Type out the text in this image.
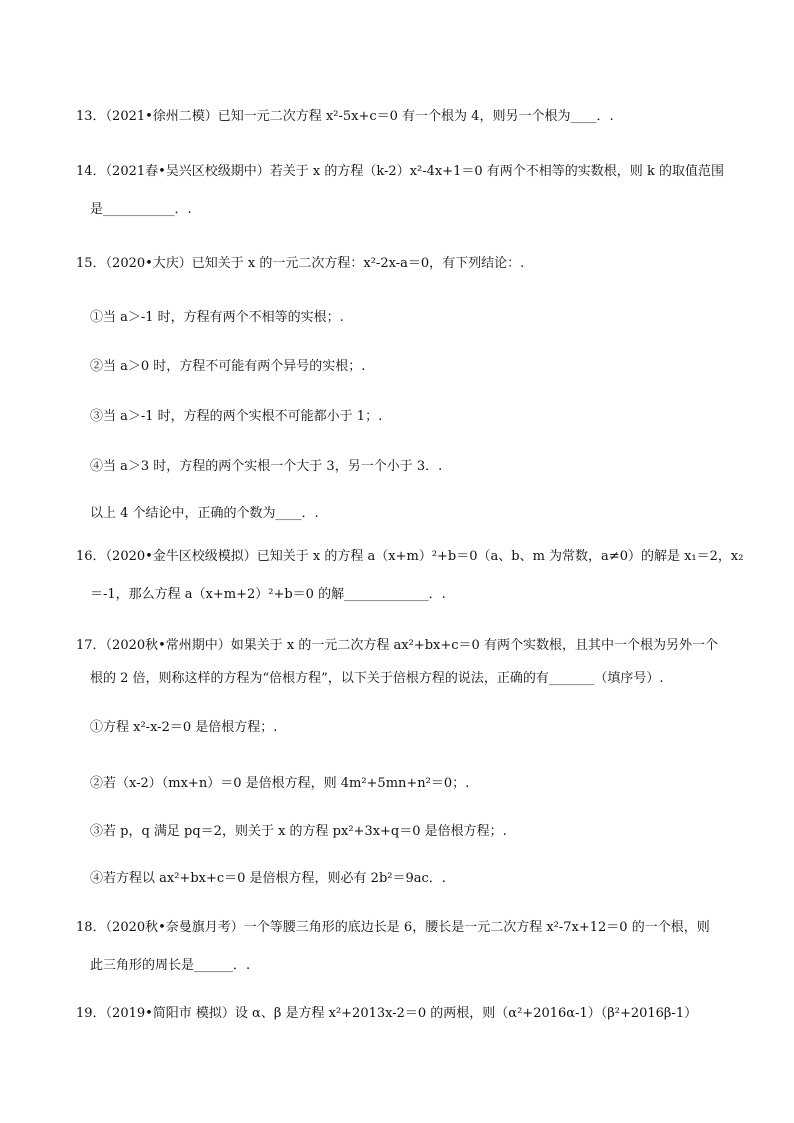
13．（2021•徐州二模）已知一元二次方程 x²-5x+c＝0 有一个根为 4，则另一个根为____．.
14．（2021春•吴兴区校级期中）若关于 x 的方程（k-2）x²-4x+1＝0 有两个不相等的实数根，则 k 的取值范围
是___________．.
15．（2020•大庆）已知关于 x 的一元二次方程：x²-2x-a＝0，有下列结论：.
①当 a＞-1 时，方程有两个不相等的实根；.
②当 a＞0 时，方程不可能有两个异号的实根；.
③当 a＞-1 时，方程的两个实根不可能都小于 1；.
④当 a＞3 时，方程的两个实根一个大于 3，另一个小于 3．.
以上 4 个结论中，正确的个数为____．.
16．（2020•金牛区校级模拟）已知关于 x 的方程 a（x+m）²+b＝0（a、b、m 为常数，a≠0）的解是 x₁＝2，x₂
＝-1，那么方程 a（x+m+2）²+b＝0 的解_____________．.
17．（2020秋•常州期中）如果关于 x 的一元二次方程 ax²+bx+c＝0 有两个实数根，且其中一个根为另外一个
根的 2 倍，则称这样的方程为“倍根方程”，以下关于倍根方程的说法，正确的有_______（填序号）.
①方程 x²-x-2＝0 是倍根方程；.
②若（x-2）（mx+n）＝0 是倍根方程，则 4m²+5mn+n²＝0；.
③若 p，q 满足 pq＝2，则关于 x 的方程 px²+3x+q＝0 是倍根方程；.
④若方程以 ax²+bx+c＝0 是倍根方程，则必有 2b²＝9ac．.
18．（2020秋•奈曼旗月考）一个等腰三角形的底边长是 6，腰长是一元二次方程 x²-7x+12＝0 的一个根，则
此三角形的周长是______．.
19．（2019•简阳市 模拟）设 α、β 是方程 x²+2013x-2＝0 的两根，则（α²+2016α-1）（β²+2016β-1）
